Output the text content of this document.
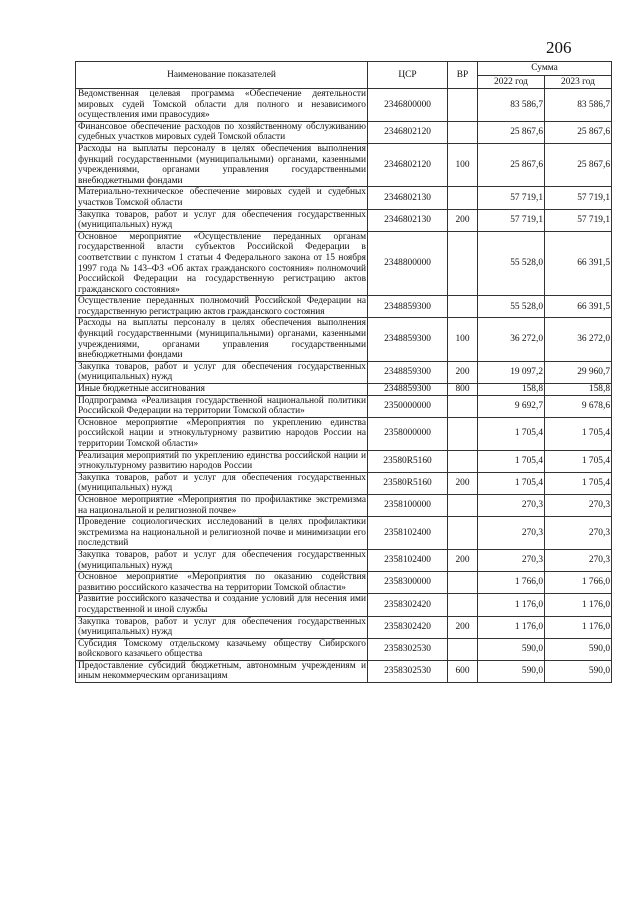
206
Наименование показателей	ЦСР	ВР	Сумма	
			2022 год	2023 год
Ведомственная целевая программа «Обеспечение деятельности мировых судей Томской области для полного и независимого осуществления ими правосудия»	2346800000		83 586,7	83 586,7
Финансовое обеспечение расходов по хозяйственному обслуживанию судебных участков мировых судей Томской области	2346802120		25 867,6	25 867,6
Расходы на выплаты персоналу в целях обеспечения выполнения функций государственными (муниципальными) органами, казенными учреждениями, органами управления государственными внебюджетными фондами	2346802120	100	25 867,6	25 867,6
Материально-техническое обеспечение мировых судей и судебных участков Томской области	2346802130		57 719,1	57 719,1
Закупка товаров, работ и услуг для обеспечения государственных (муниципальных) нужд	2346802130	200	57 719,1	57 719,1
Основное мероприятие «Осуществление переданных органам государственной власти субъектов Российской Федерации в соответствии с пунктом 1 статьи 4 Федерального закона от 15 ноября 1997 года № 143–ФЗ «Об актах гражданского состояния» полномочий Российской Федерации на государственную регистрацию актов гражданского состояния»	2348800000		55 528,0	66 391,5
Осуществление переданных полномочий Российской Федерации на государственную регистрацию актов гражданского состояния	2348859300		55 528,0	66 391,5
Расходы на выплаты персоналу в целях обеспечения выполнения функций государственными (муниципальными) органами, казенными учреждениями, органами управления государственными внебюджетными фондами	2348859300	100	36 272,0	36 272,0
Закупка товаров, работ и услуг для обеспечения государственных (муниципальных) нужд	2348859300	200	19 097,2	29 960,7
Иные бюджетные ассигнования	2348859300	800	158,8	158,8
Подпрограмма «Реализация государственной национальной политики Российской Федерации на территории Томской области»	2350000000		9 692,7	9 678,6
Основное мероприятие «Мероприятия по укреплению единства российской нации и этнокультурному развитию народов России на территории Томской области»	2358000000		1 705,4	1 705,4
Реализация мероприятий по укреплению единства российской нации и этнокультурному развитию народов России	23580R5160		1 705,4	1 705,4
Закупка товаров, работ и услуг для обеспечения государственных (муниципальных) нужд	23580R5160	200	1 705,4	1 705,4
Основное мероприятие «Мероприятия по профилактике экстремизма на национальной и религиозной почве»	2358100000		270,3	270,3
Проведение социологических исследований в целях профилактики экстремизма на национальной и религиозной почве и минимизации его последствий	2358102400		270,3	270,3
Закупка товаров, работ и услуг для обеспечения государственных (муниципальных) нужд	2358102400	200	270,3	270,3
Основное мероприятие «Мероприятия по оказанию содействия развитию российского казачества на территории Томской области»	2358300000		1 766,0	1 766,0
Развитие российского казачества и создание условий для несения ими государственной и иной службы	2358302420		1 176,0	1 176,0
Закупка товаров, работ и услуг для обеспечения государственных (муниципальных) нужд	2358302420	200	1 176,0	1 176,0
Субсидия Томскому отдельскому казачьему обществу Сибирского войскового казачьего общества	2358302530		590,0	590,0
Предоставление субсидий бюджетным, автономным учреждениям и иным некоммерческим организациям	2358302530	600	590,0	590,0
